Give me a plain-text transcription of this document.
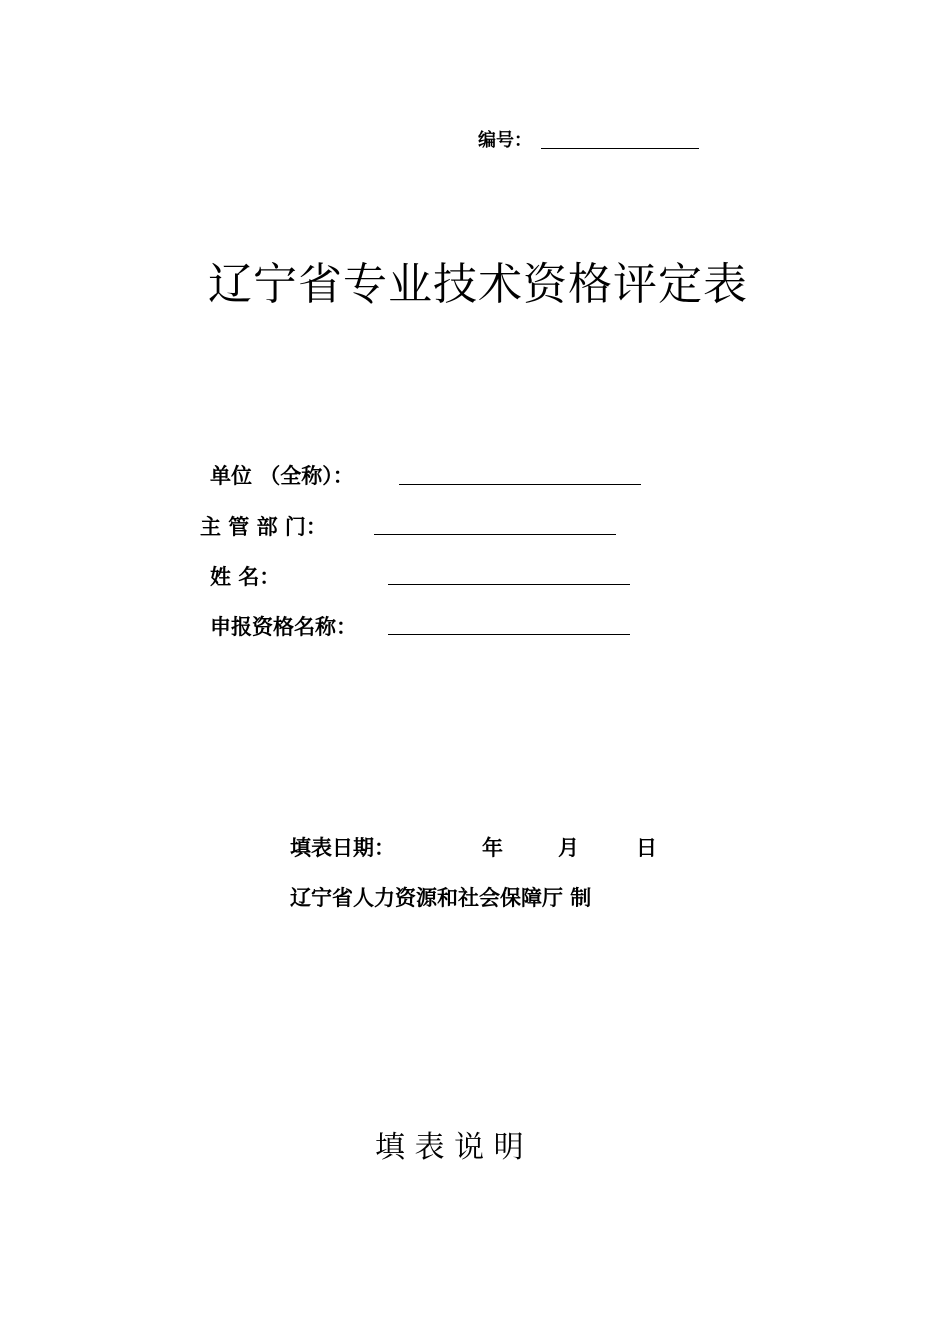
编号：
辽宁省专业技术资格评定表
单位 （全称）：
主 管 部 门：
姓 名：
申报资格名称：
填表日期：	年	月	日
辽宁省人力资源和社会保障厅 制
填 表 说 明
